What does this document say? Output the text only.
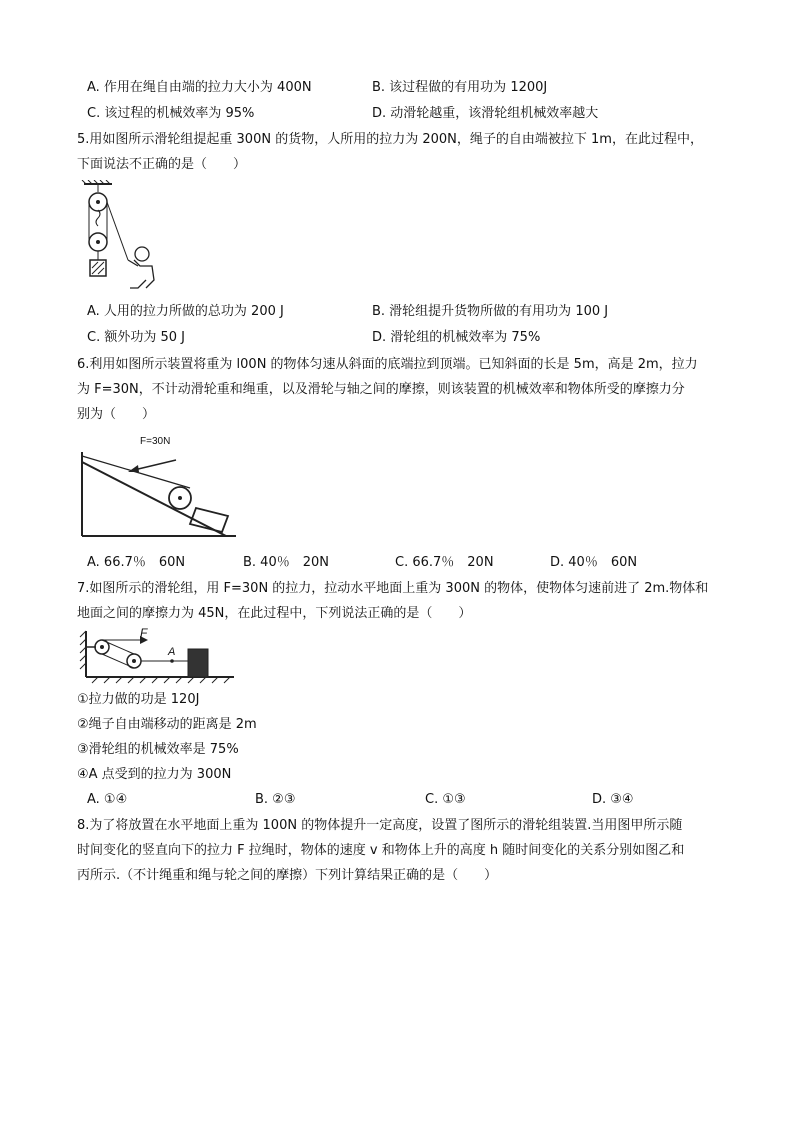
A. 作用在绳自由端的拉力大小为 400N	B. 该过程做的有用功为 1200J
C. 该过程的机械效率为 95%	D. 动滑轮越重，该滑轮组机械效率越大
5.用如图所示滑轮组提起重 300N 的货物，人所用的拉力为 200N，绳子的自由端被拉下 1m，在此过程中，
下面说法不正确的是（　　）
A. 人用的拉力所做的总功为 200 J	B. 滑轮组提升货物所做的有用功为 100 J
C. 额外功为 50 J	D. 滑轮组的机械效率为 75%
6.利用如图所示装置将重为 l00N 的物体匀速从斜面的底端拉到顶端。已知斜面的长是 5m，高是 2m，拉力
为 F=30N，不计动滑轮重和绳重，以及滑轮与轴之间的摩擦，则该装置的机械效率和物体所受的摩擦力分
别为（　　）
F=30N
A. 66.7％　60N	B. 40％　20N	C. 66.7％　20N	D. 40％　60N
7.如图所示的滑轮组，用 F=30N 的拉力，拉动水平地面上重为 300N 的物体，使物体匀速前进了 2m.物体和
地面之间的摩擦力为 45N，在此过程中，下列说法正确的是（　　）
F
A
①拉力做的功是 120J
②绳子自由端移动的距离是 2m
③滑轮组的机械效率是 75%
④A 点受到的拉力为 300N
A. ①④	B. ②③	C. ①③	D. ③④
8.为了将放置在水平地面上重为 100N 的物体提升一定高度，设置了图所示的滑轮组装置.当用图甲所示随
时间变化的竖直向下的拉力 F 拉绳时，物体的速度 v 和物体上升的高度 h 随时间变化的关系分别如图乙和
丙所示.（不计绳重和绳与轮之间的摩擦）下列计算结果正确的是（　　）
